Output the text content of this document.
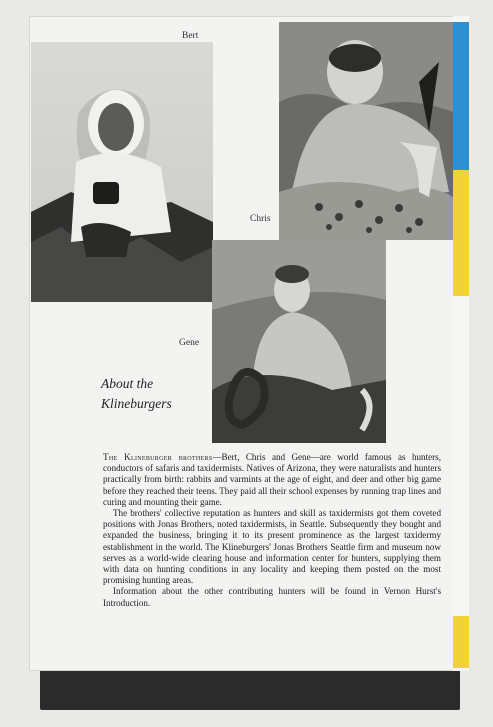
Bert
Chris
Gene
About the
Klineburgers

The Klineburger brothers—Bert, Chris and Gene—are world famous as hunters, conductors of safaris and taxidermists. Natives of Arizona, they were naturalists and hunters practically from birth: rabbits and varmints at the age of eight, and deer and other big game before they reached their teens. They paid all their school expenses by running trap lines and curing and mounting their game.

The brothers' collective reputation as hunters and skill as taxidermists got them coveted positions with Jonas Brothers, noted taxidermists, in Seattle. Subsequently they bought and expanded the business, bringing it to its present prominence as the largest taxidermy establishment in the world. The Klineburgers' Jonas Brothers Seattle firm and museum now serves as a world-wide clearing house and information center for hunters, supplying them with data on hunting conditions in any locality and keeping them posted on the most promising hunting areas.

Information about the other contributing hunters will be found in Vernon Hurst's Introduction.
